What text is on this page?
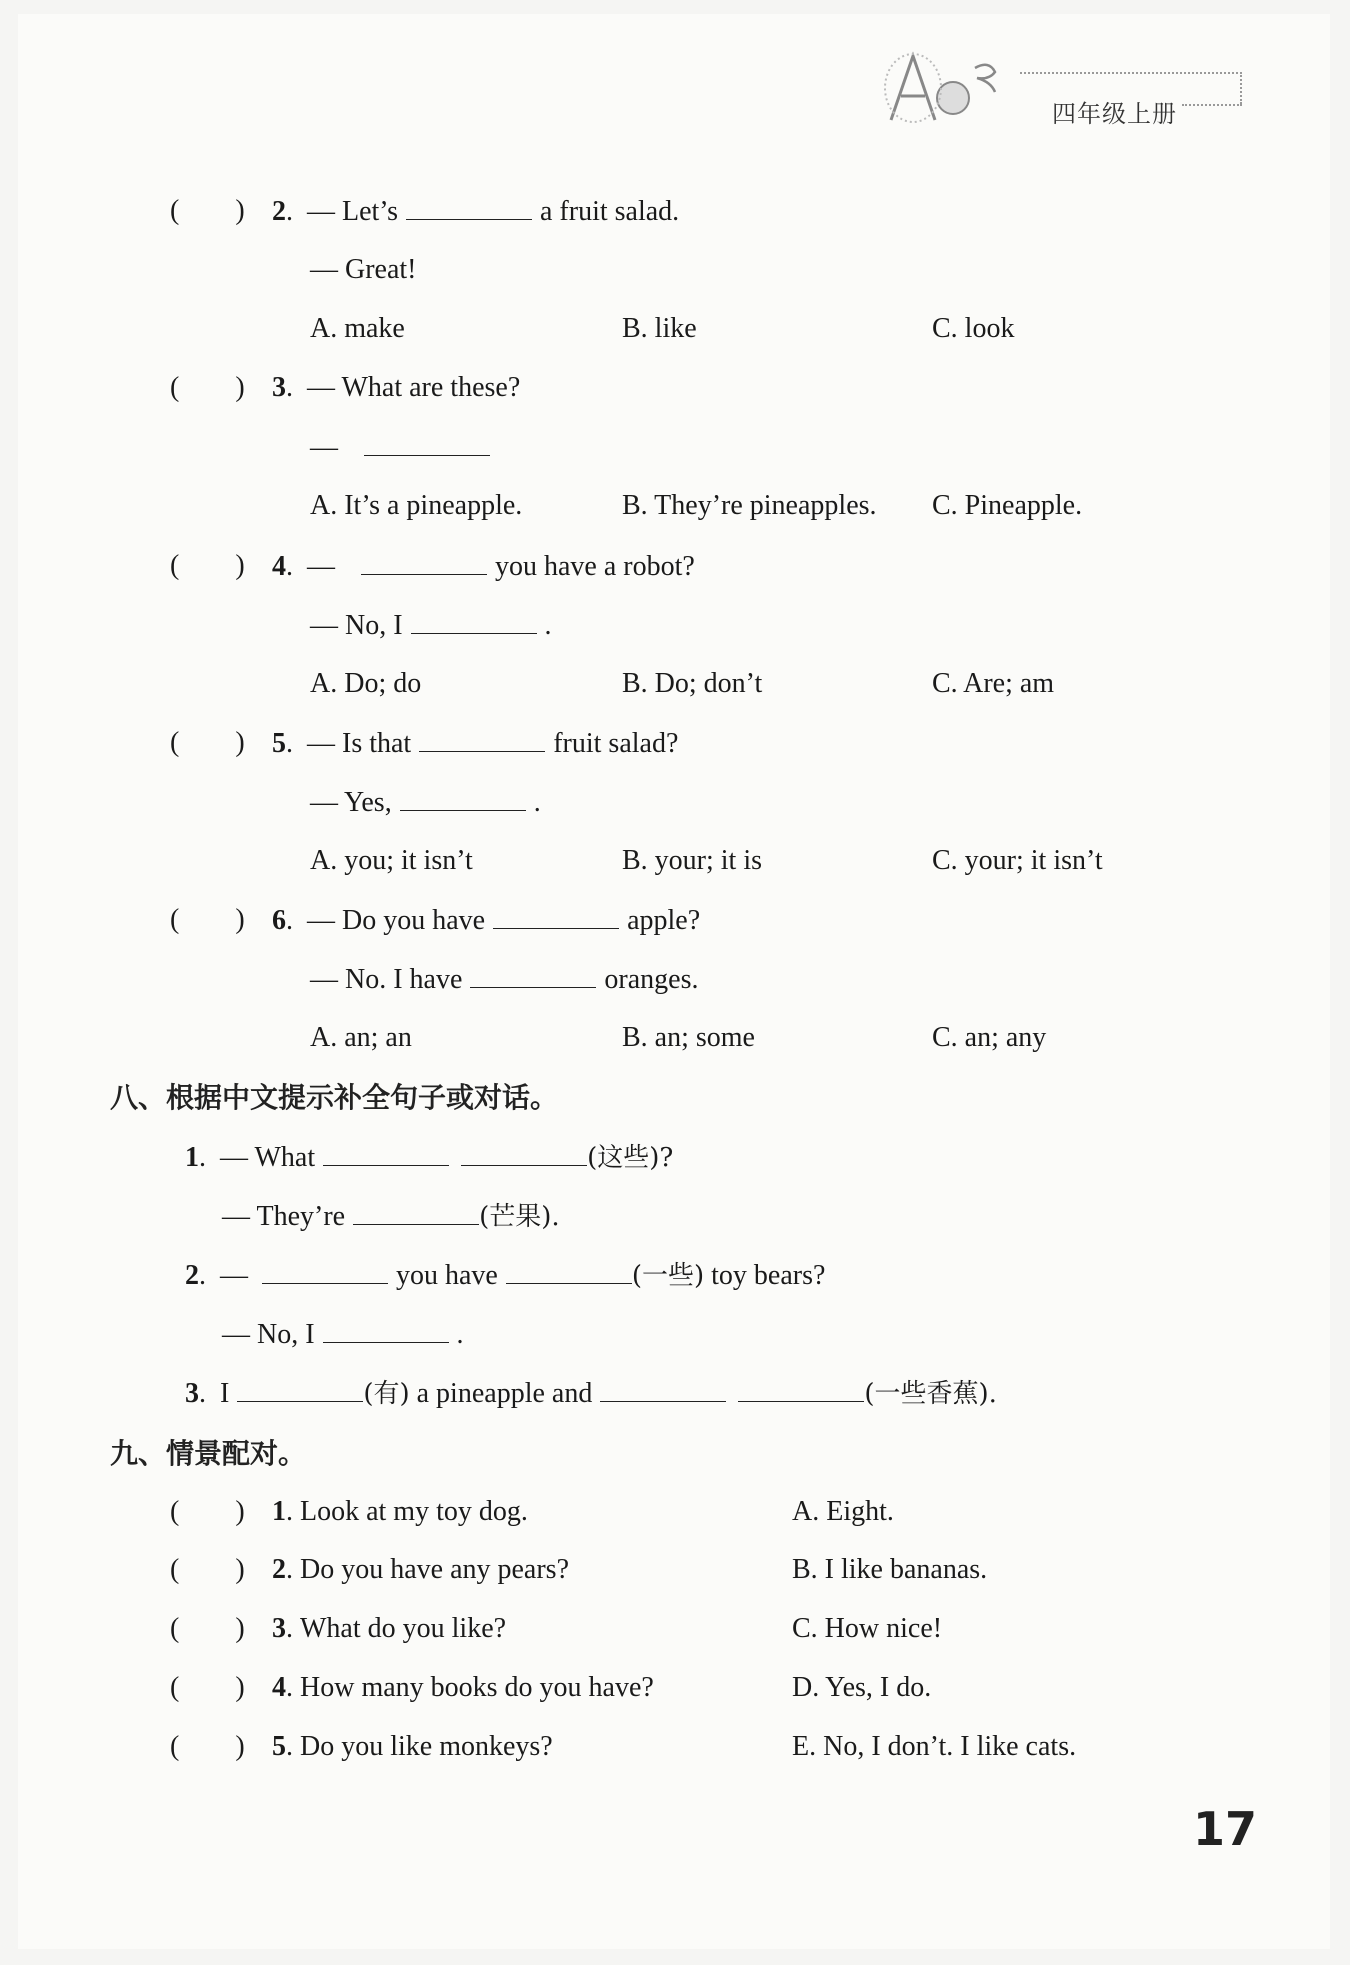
四年级上册
(　　) 2.  — Let’s	a fruit salad.
— Great!
A. make	B. like	C. look
(　　) 3.  — What are these?
—
A. It’s a pineapple.	B. They’re pineapples. C. Pineapple.
(　　) 4.  —	you have a robot?
— No, I	.
A. Do; do	B. Do; don’t	C. Are; am
(　　) 5.  — Is that	fruit salad?
— Yes,	.
A. you; it isn’t	B. your; it is	C. your; it isn’t
(　　) 6.  — Do you have	apple?
— No. I have	oranges.
A. an; an	B. an; some	C. an; any
八、根据中文提示补全句子或对话。
1.  — What	(这些)?
— They’re	(芒果).
2.  —	you have	(一些) toy bears?
— No, I	.
3.  I	(有) a pineapple and	(一些香蕉).
九、情景配对。
(　　) 1. Look at my toy dog.	A. Eight.
(　　) 2. Do you have any pears?	B. I like bananas.
(　　) 3. What do you like?	C. How nice!
(　　) 4. How many books do you have?	D. Yes, I do.
(　　) 5. Do you like monkeys?	E. No, I don’t. I like cats.
17
